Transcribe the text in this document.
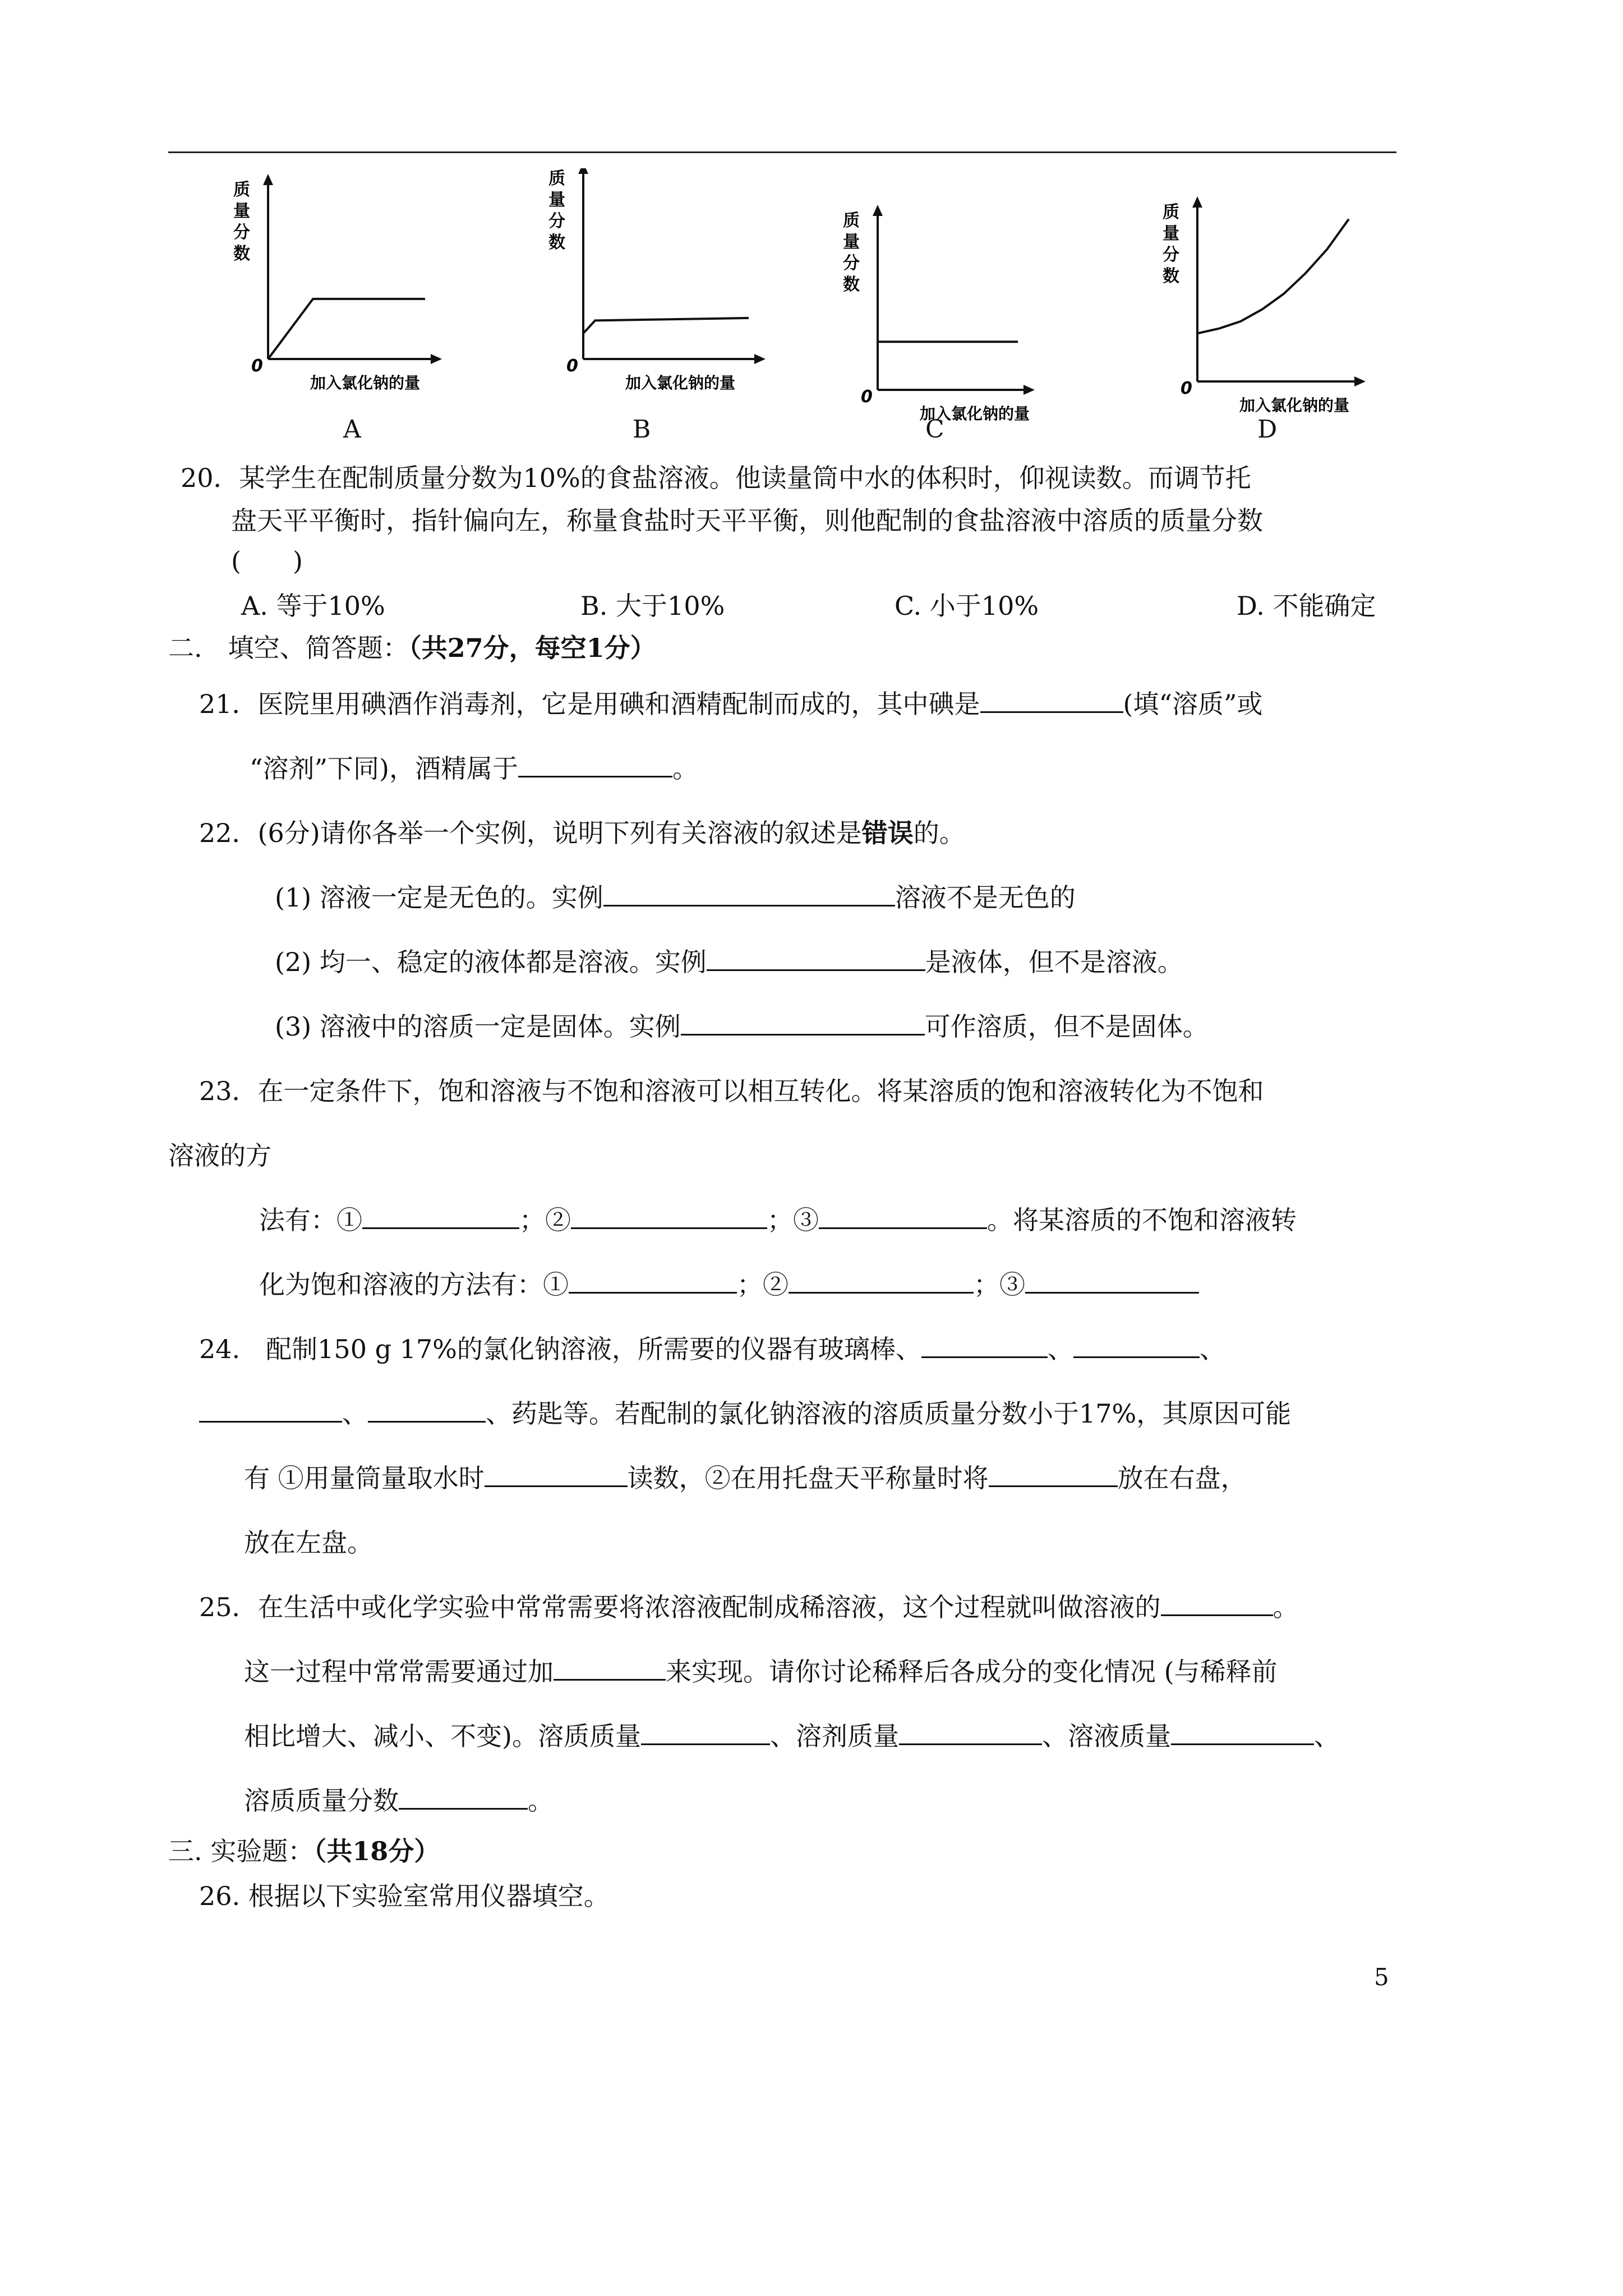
0
质
量
分
数
加入氯化钠的量
0
质
量
分
数
加入氯化钠的量
0
质
量
分
数
加入氯化钠的量
0
质
量
分
数
加入氯化钠的量
A	B	C	D
20．某学生在配制质量分数为10%的食盐溶液。他读量筒中水的体积时，仰视读数。而调节托
盘天平平衡时，指针偏向左，称量食盐时天平平衡，则他配制的食盐溶液中溶质的质量分数
(　　)
A. 等于10%	B. 大于10%	C. 小于10%	D. 不能确定
二.　填空、简答题：（共27分，每空1分）
21．医院里用碘酒作消毒剂，它是用碘和酒精配制而成的，其中碘是	(填“溶质”或
“溶剂”下同)，酒精属于	。
22．(6分)请你各举一个实例，说明下列有关溶液的叙述是错误的。
(1) 溶液一定是无色的。实例	溶液不是无色的
(2) 均一、稳定的液体都是溶液。实例	是液体，但不是溶液。
(3) 溶液中的溶质一定是固体。实例	可作溶质，但不是固体。
23．在一定条件下，饱和溶液与不饱和溶液可以相互转化。将某溶质的饱和溶液转化为不饱和
溶液的方
法有：①	；②	；③	。将某溶质的不饱和溶液转
化为饱和溶液的方法有：①	；②	；③
24.　配制150 g 17%的氯化钠溶液，所需要的仪器有玻璃棒、	、	、
、	、药匙等。若配制的氯化钠溶液的溶质质量分数小于17%，其原因可能
有 ①用量筒量取水时	读数，②在用托盘天平称量时将	放在右盘，
放在左盘。
25．在生活中或化学实验中常常需要将浓溶液配制成稀溶液，这个过程就叫做溶液的	。
这一过程中常常需要通过加	来实现。请你讨论稀释后各成分的变化情况 (与稀释前
相比增大、减小、不变)。溶质质量	、溶剂质量	、溶液质量	、
溶质质量分数	。
三. 实验题：（共18分）
26. 根据以下实验室常用仪器填空。
5
